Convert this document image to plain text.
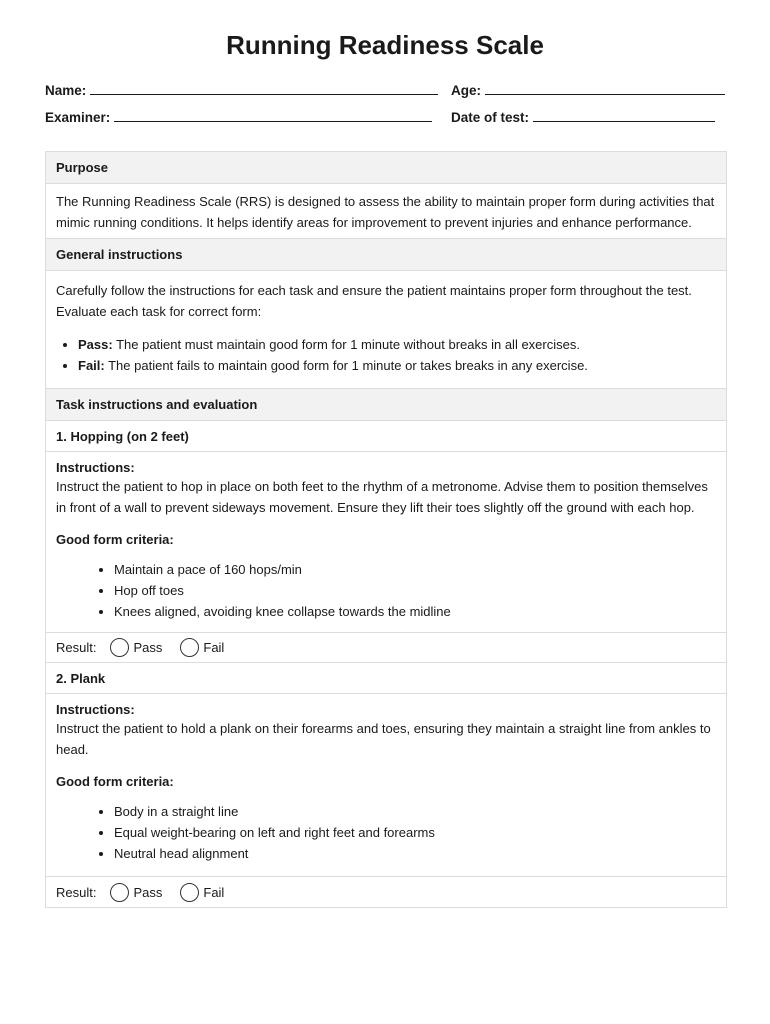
Running Readiness Scale
Name:	Age:
Examiner:	Date of test:
Purpose
The Running Readiness Scale (RRS) is designed to assess the ability to maintain proper form during activities that mimic running conditions. It helps identify areas for improvement to prevent injuries and enhance performance.
General instructions
Carefully follow the instructions for each task and ensure the patient maintains proper form throughout the test. Evaluate each task for correct form:
• Pass: The patient must maintain good form for 1 minute without breaks in all exercises.
• Fail: The patient fails to maintain good form for 1 minute or takes breaks in any exercise.
Task instructions and evaluation
1. Hopping (on 2 feet)
Instructions:
Instruct the patient to hop in place on both feet to the rhythm of a metronome. Advise them to position themselves in front of a wall to prevent sideways movement. Ensure they lift their toes slightly off the ground with each hop.
Good form criteria:
• Maintain a pace of 160 hops/min
• Hop off toes
• Knees aligned, avoiding knee collapse towards the midline
Result:	Pass	Fail
2. Plank
Instructions:
Instruct the patient to hold a plank on their forearms and toes, ensuring they maintain a straight line from ankles to head.
Good form criteria:
• Body in a straight line
• Equal weight-bearing on left and right feet and forearms
• Neutral head alignment
Result:	Pass	Fail
